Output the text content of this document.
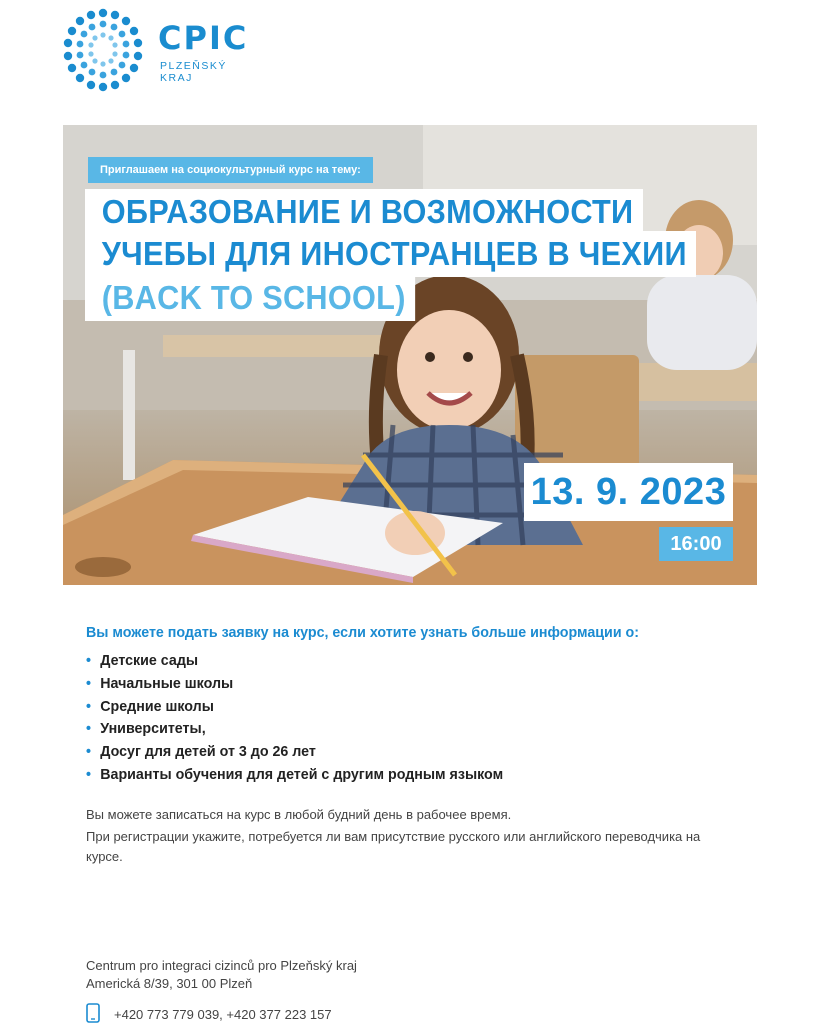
CPIC
PLZEŇSKÝ
KRAJ
Приглашаем на социокультурный курс на тему:
ОБРАЗОВАНИЕ И ВОЗМОЖНОСТИ
УЧЕБЫ ДЛЯ ИНОСТРАНЦЕВ В ЧЕХИИ
(BACK TO SCHOOL)
13. 9. 2023
16:00
Вы можете подать заявку на курс, если хотите узнать больше информации о:
• Детские сады
• Начальные школы
• Средние школы
• Университеты,
• Досуг для детей от 3 до 26 лет
• Варианты обучения для детей с другим родным языком
Вы можете записаться на курс в любой будний день в рабочее время.
При регистрации укажите, потребуется ли вам присутствие русского или английского переводчика на курсе.
Centrum pro integraci cizinců pro Plzeňský kraj
Americká 8/39, 301 00 Plzeň
+420 773 779 039, +420 377 223 157
